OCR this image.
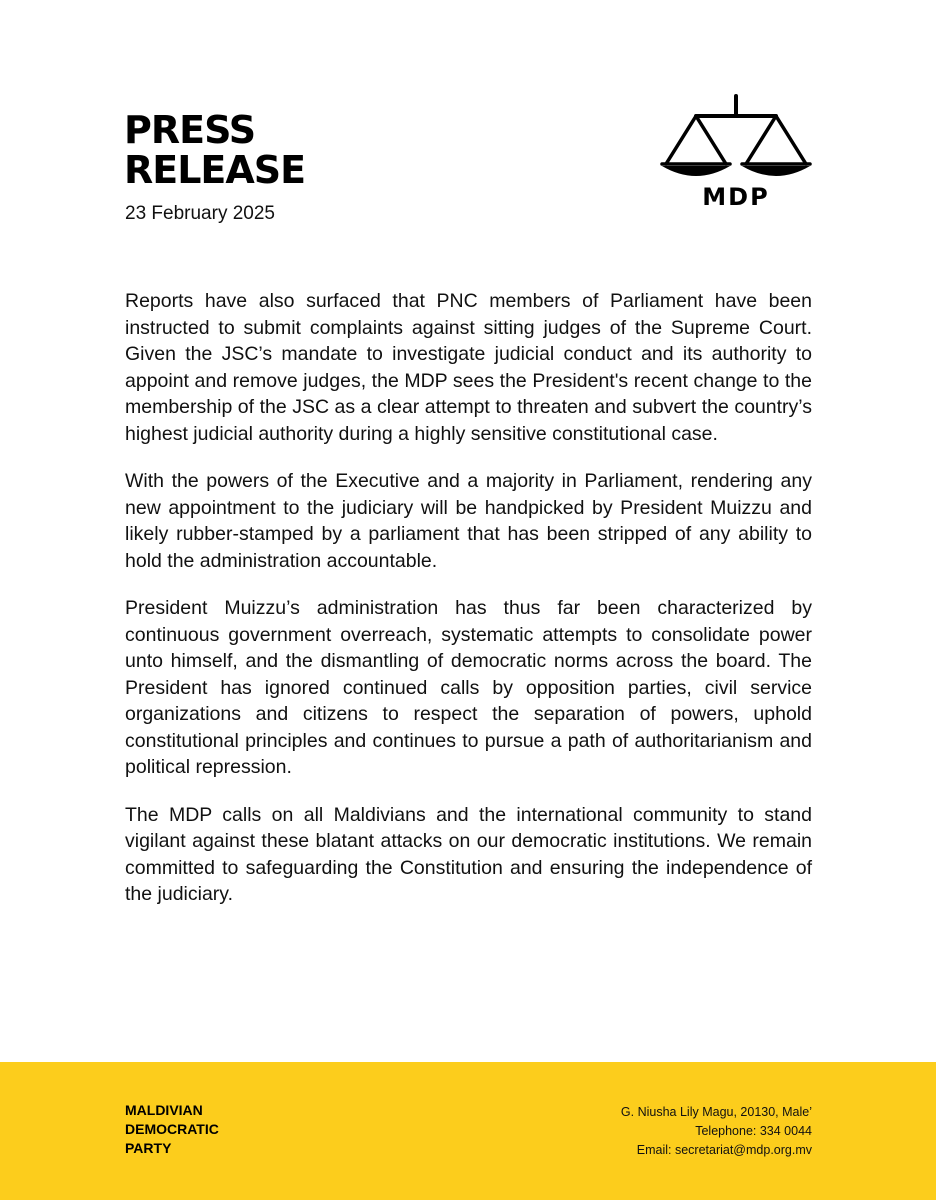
PRESS
RELEASE
23 February 2025
MDP

Reports have also surfaced that PNC members of Parliament have been instructed to submit complaints against sitting judges of the Supreme Court. Given the JSC’s mandate to investigate judicial conduct and its authority to appoint and remove judges, the MDP sees the President's recent change to the membership of the JSC as a clear attempt to threaten and subvert the country’s highest judicial authority during a highly sensitive constitutional case.

With the powers of the Executive and a majority in Parliament, rendering any new appointment to the judiciary will be handpicked by President Muizzu and likely rubber-stamped by a parliament that has been stripped of any ability to hold the administration accountable.

President Muizzu’s administration has thus far been characterized by continuous government overreach, systematic attempts to consolidate power unto himself, and the dismantling of democratic norms across the board. The President has ignored continued calls by opposition parties, civil service organizations and citizens to respect the separation of powers, uphold constitutional principles and continues to pursue a path of authoritarianism and political repression.

The MDP calls on all Maldivians and the international community to stand vigilant against these blatant attacks on our democratic institutions. We remain committed to safeguarding the Constitution and ensuring the independence of the judiciary.

MALDIVIAN
DEMOCRATIC
PARTY
G. Niusha Lily Magu, 20130, Male’
Telephone: 334 0044
Email: secretariat@mdp.org.mv
